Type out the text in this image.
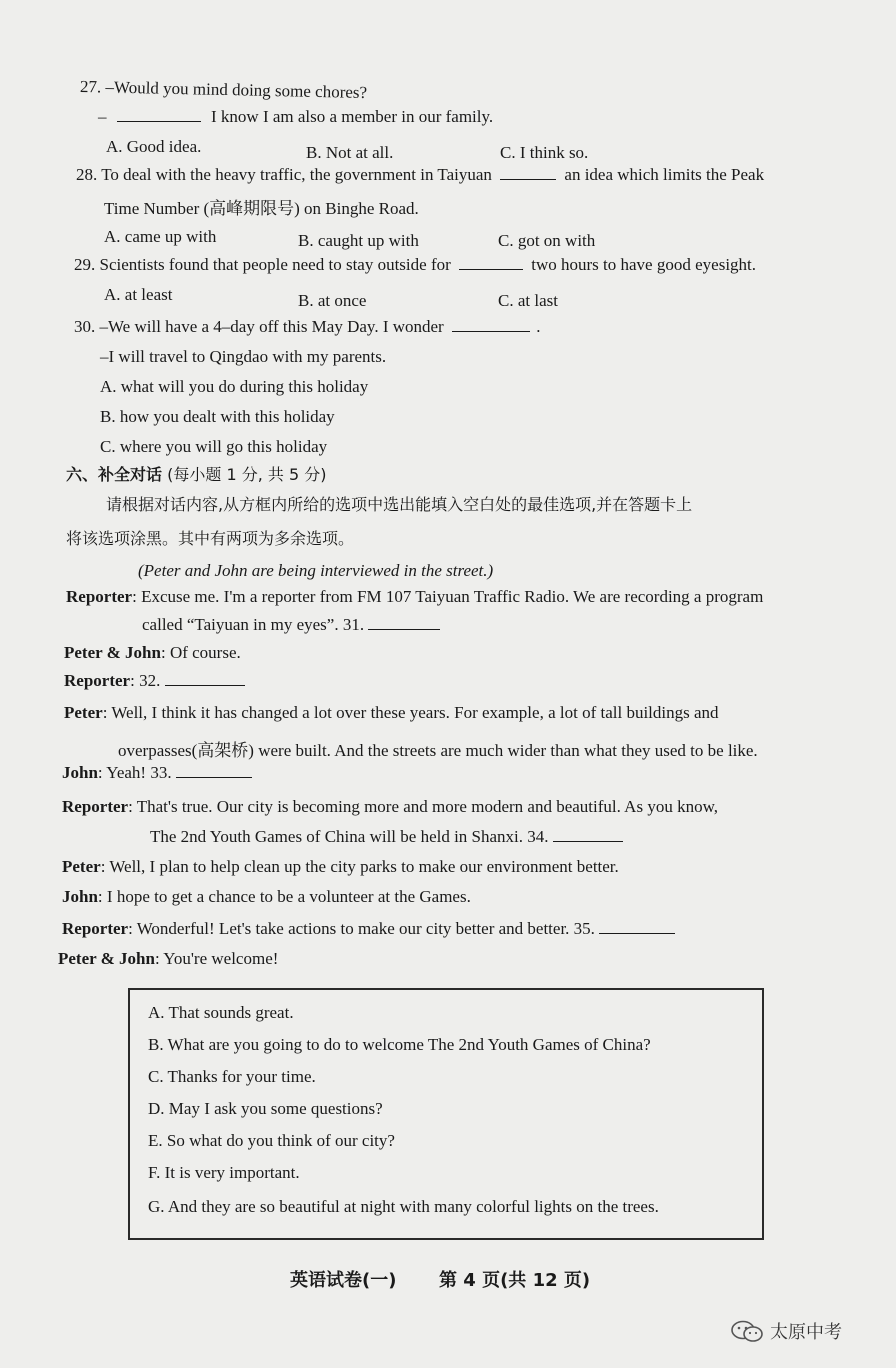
27. –Would you mind doing some chores?
–	I know I am also a member in our family.
A. Good idea.	B. Not at all.	C. I think so.
28. To deal with the heavy traffic, the government in Taiyuan	an idea which limits the Peak
Time Number (高峰期限号) on Binghe Road.
A. came up with	B. caught up with	C. got on with
29. Scientists found that people need to stay outside for	two hours to have good eyesight.
A. at least	B. at once	C. at last
30. –We will have a 4–day off this May Day. I wonder	.
–I will travel to Qingdao with my parents.
A. what will you do during this holiday
B. how you dealt with this holiday
C. where you will go this holiday
六、补全对话 (每小题 1 分, 共 5 分)
请根据对话内容,从方框内所给的选项中选出能填入空白处的最佳选项,并在答题卡上
将该选项涂黑。其中有两项为多余选项。
(Peter and John are being interviewed in the street.)
Reporter: Excuse me. I'm a reporter from FM 107 Taiyuan Traffic Radio. We are recording a program
called “Taiyuan in my eyes”. 31.
Peter & John: Of course.
Reporter: 32.
Peter: Well, I think it has changed a lot over these years. For example, a lot of tall buildings and
overpasses(高架桥) were built. And the streets are much wider than what they used to be like.
John: Yeah! 33.
Reporter: That's true. Our city is becoming more and more modern and beautiful. As you know,
The 2nd Youth Games of China will be held in Shanxi. 34.
Peter: Well, I plan to help clean up the city parks to make our environment better.
John: I hope to get a chance to be a volunteer at the Games.
Reporter: Wonderful! Let's take actions to make our city better and better. 35.
Peter & John: You're welcome!
A. That sounds great.
B. What are you going to do to welcome The 2nd Youth Games of China?
C. Thanks for your time.
D. May I ask you some questions?
E. So what do you think of our city?
F. It is very important.
G. And they are so beautiful at night with many colorful lights on the trees.
英语试卷(一) 第 4 页(共 12 页)
太原中考
